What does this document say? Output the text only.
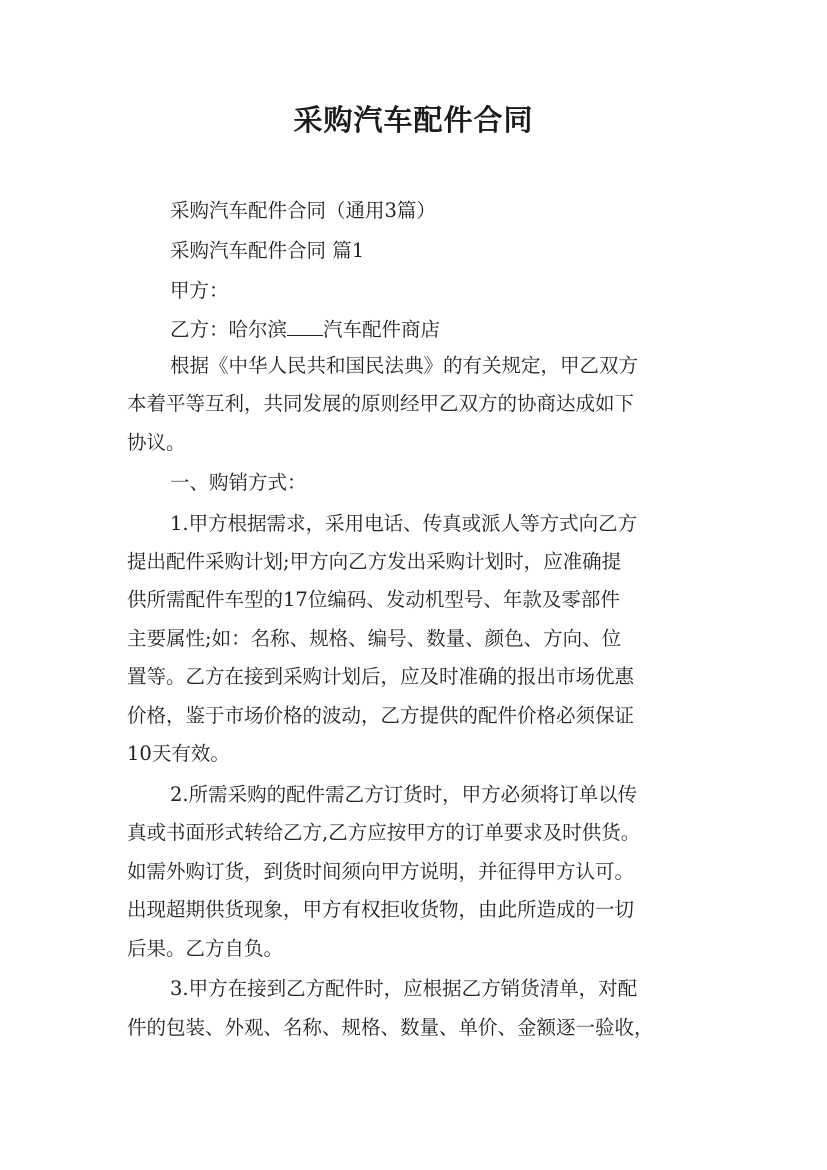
采购汽车配件合同
采购汽车配件合同（通用3篇）
采购汽车配件合同 篇1
甲方：
乙方：哈尔滨 汽车配件商店
根据《中华人民共和国民法典》的有关规定，甲乙双方
本着平等互利，共同发展的原则经甲乙双方的协商达成如下
协议。
一、购销方式：
1.甲方根据需求，采用电话、传真或派人等方式向乙方
提出配件采购计划;甲方向乙方发出采购计划时，应准确提
供所需配件车型的17位编码、发动机型号、年款及零部件
主要属性;如：名称、规格、编号、数量、颜色、方向、位
置等。乙方在接到采购计划后，应及时准确的报出市场优惠
价格，鉴于市场价格的波动，乙方提供的配件价格必须保证
10天有效。
2.所需采购的配件需乙方订货时，甲方必须将订单以传
真或书面形式转给乙方,乙方应按甲方的订单要求及时供货。
如需外购订货，到货时间须向甲方说明，并征得甲方认可。
出现超期供货现象，甲方有权拒收货物，由此所造成的一切
后果。乙方自负。
3.甲方在接到乙方配件时，应根据乙方销货清单，对配
件的包装、外观、名称、规格、数量、单价、金额逐一验收，
